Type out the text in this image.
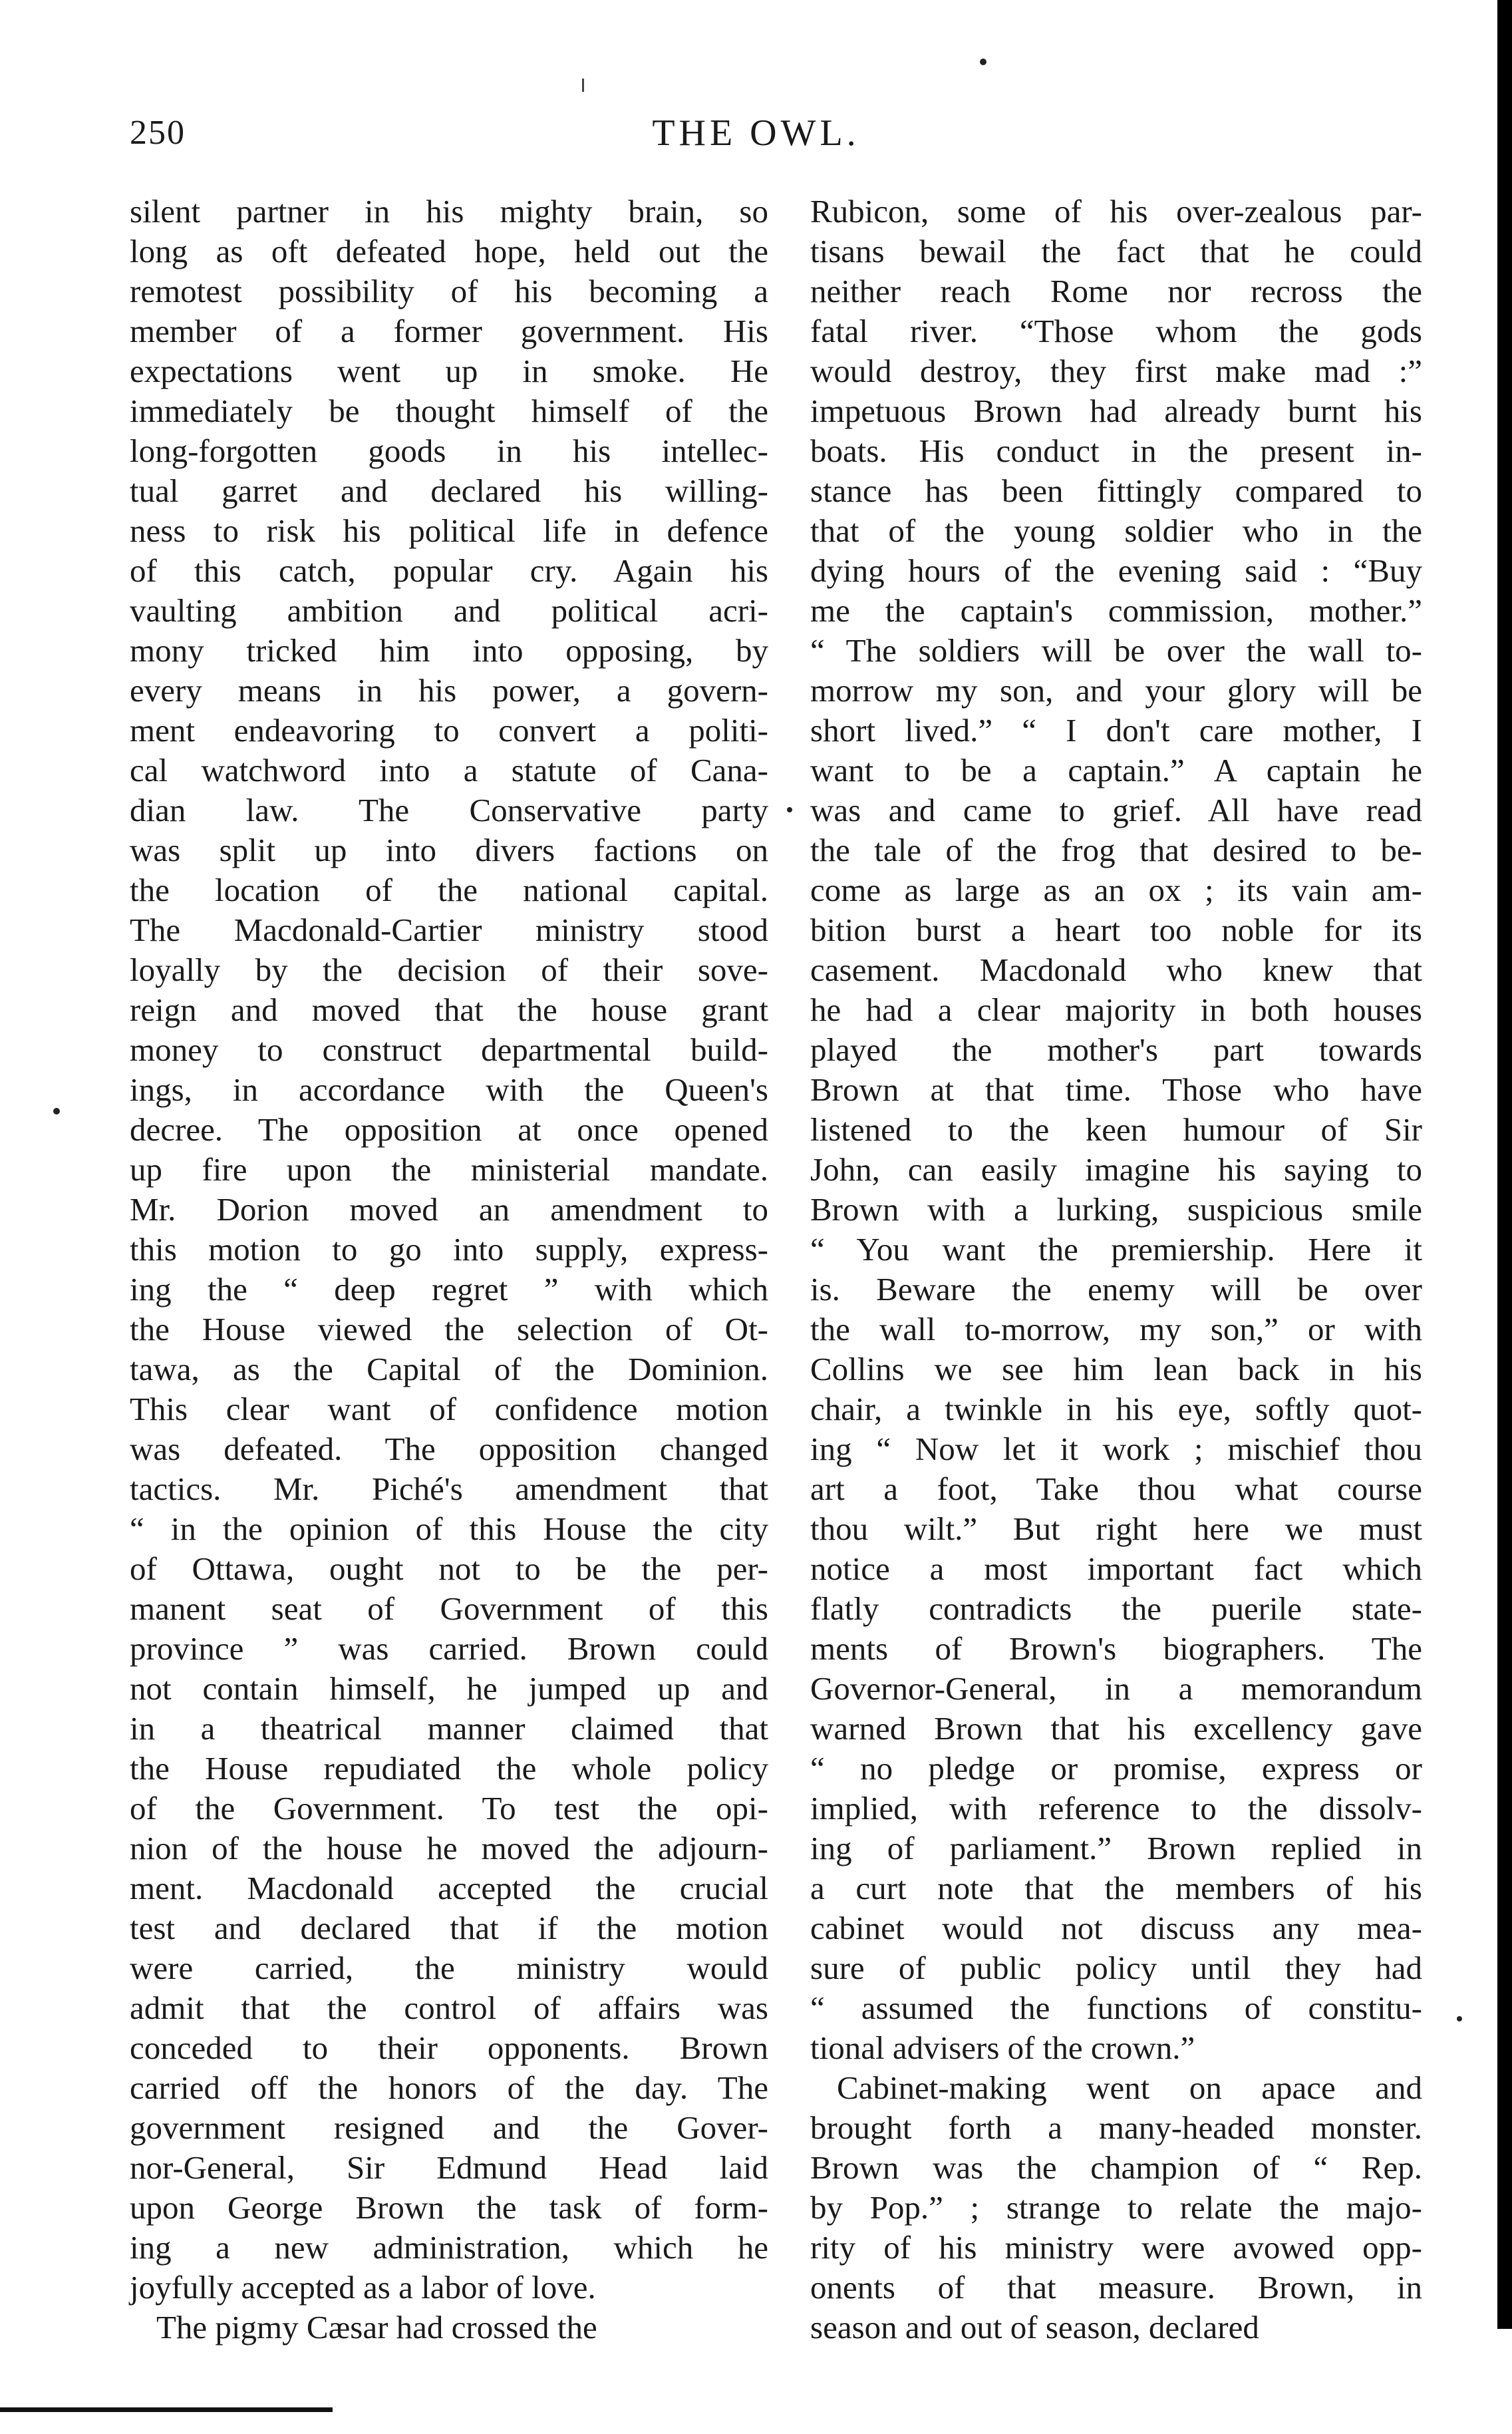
250	THE OWL.
silent partner in his mighty brain, so
long as oft defeated hope, held out the
remotest possibility of his becoming a
member of a former government. His
expectations went up in smoke. He
immediately be thought himself of the
long-forgotten goods in his intellec-
tual garret and declared his willing-
ness to risk his political life in defence
of this catch, popular cry. Again his
vaulting ambition and political acri-
mony tricked him into opposing, by
every means in his power, a govern-
ment endeavoring to convert a politi-
cal watchword into a statute of Cana-
dian law. The Conservative party
was split up into divers factions on
the location of the national capital.
The Macdonald-Cartier ministry stood
loyally by the decision of their sove-
reign and moved that the house grant
money to construct departmental build-
ings, in accordance with the Queen's
decree. The opposition at once opened
up fire upon the ministerial mandate.
Mr. Dorion moved an amendment to
this motion to go into supply, express-
ing the “ deep regret ” with which
the House viewed the selection of Ot-
tawa, as the Capital of the Dominion.
This clear want of confidence motion
was defeated. The opposition changed
tactics. Mr. Piché's amendment that
“ in the opinion of this House the city
of Ottawa, ought not to be the per-
manent seat of Government of this
province ” was carried. Brown could
not contain himself, he jumped up and
in a theatrical manner claimed that
the House repudiated the whole policy
of the Government. To test the opi-
nion of the house he moved the adjourn-
ment. Macdonald accepted the crucial
test and declared that if the motion
were carried, the ministry would
admit that the control of affairs was
conceded to their opponents. Brown
carried off the honors of the day. The
government resigned and the Gover-
nor-General, Sir Edmund Head laid
upon George Brown the task of form-
ing a new administration, which he
joyfully accepted as a labor of love.
The pigmy Cæsar had crossed the
Rubicon, some of his over-zealous par-
tisans bewail the fact that he could
neither reach Rome nor recross the
fatal river. “Those whom the gods
would destroy, they first make mad :”
impetuous Brown had already burnt his
boats. His conduct in the present in-
stance has been fittingly compared to
that of the young soldier who in the
dying hours of the evening said : “Buy
me the captain's commission, mother.”
“ The soldiers will be over the wall to-
morrow my son, and your glory will be
short lived.” “ I don't care mother, I
want to be a captain.” A captain he
was and came to grief. All have read
the tale of the frog that desired to be-
come as large as an ox ; its vain am-
bition burst a heart too noble for its
casement. Macdonald who knew that
he had a clear majority in both houses
played the mother's part towards
Brown at that time. Those who have
listened to the keen humour of Sir
John, can easily imagine his saying to
Brown with a lurking, suspicious smile
“ You want the premiership. Here it
is. Beware the enemy will be over
the wall to-morrow, my son,” or with
Collins we see him lean back in his
chair, a twinkle in his eye, softly quot-
ing “ Now let it work ; mischief thou
art a foot, Take thou what course
thou wilt.” But right here we must
notice a most important fact which
flatly contradicts the puerile state-
ments of Brown's biographers. The
Governor-General, in a memorandum
warned Brown that his excellency gave
“ no pledge or promise, express or
implied, with reference to the dissolv-
ing of parliament.” Brown replied in
a curt note that the members of his
cabinet would not discuss any mea-
sure of public policy until they had
“ assumed the functions of constitu-
tional advisers of the crown.”
Cabinet-making went on apace and
brought forth a many-headed monster.
Brown was the champion of “ Rep.
by Pop.” ; strange to relate the majo-
rity of his ministry were avowed opp-
onents of that measure. Brown, in
season and out of season, declared
